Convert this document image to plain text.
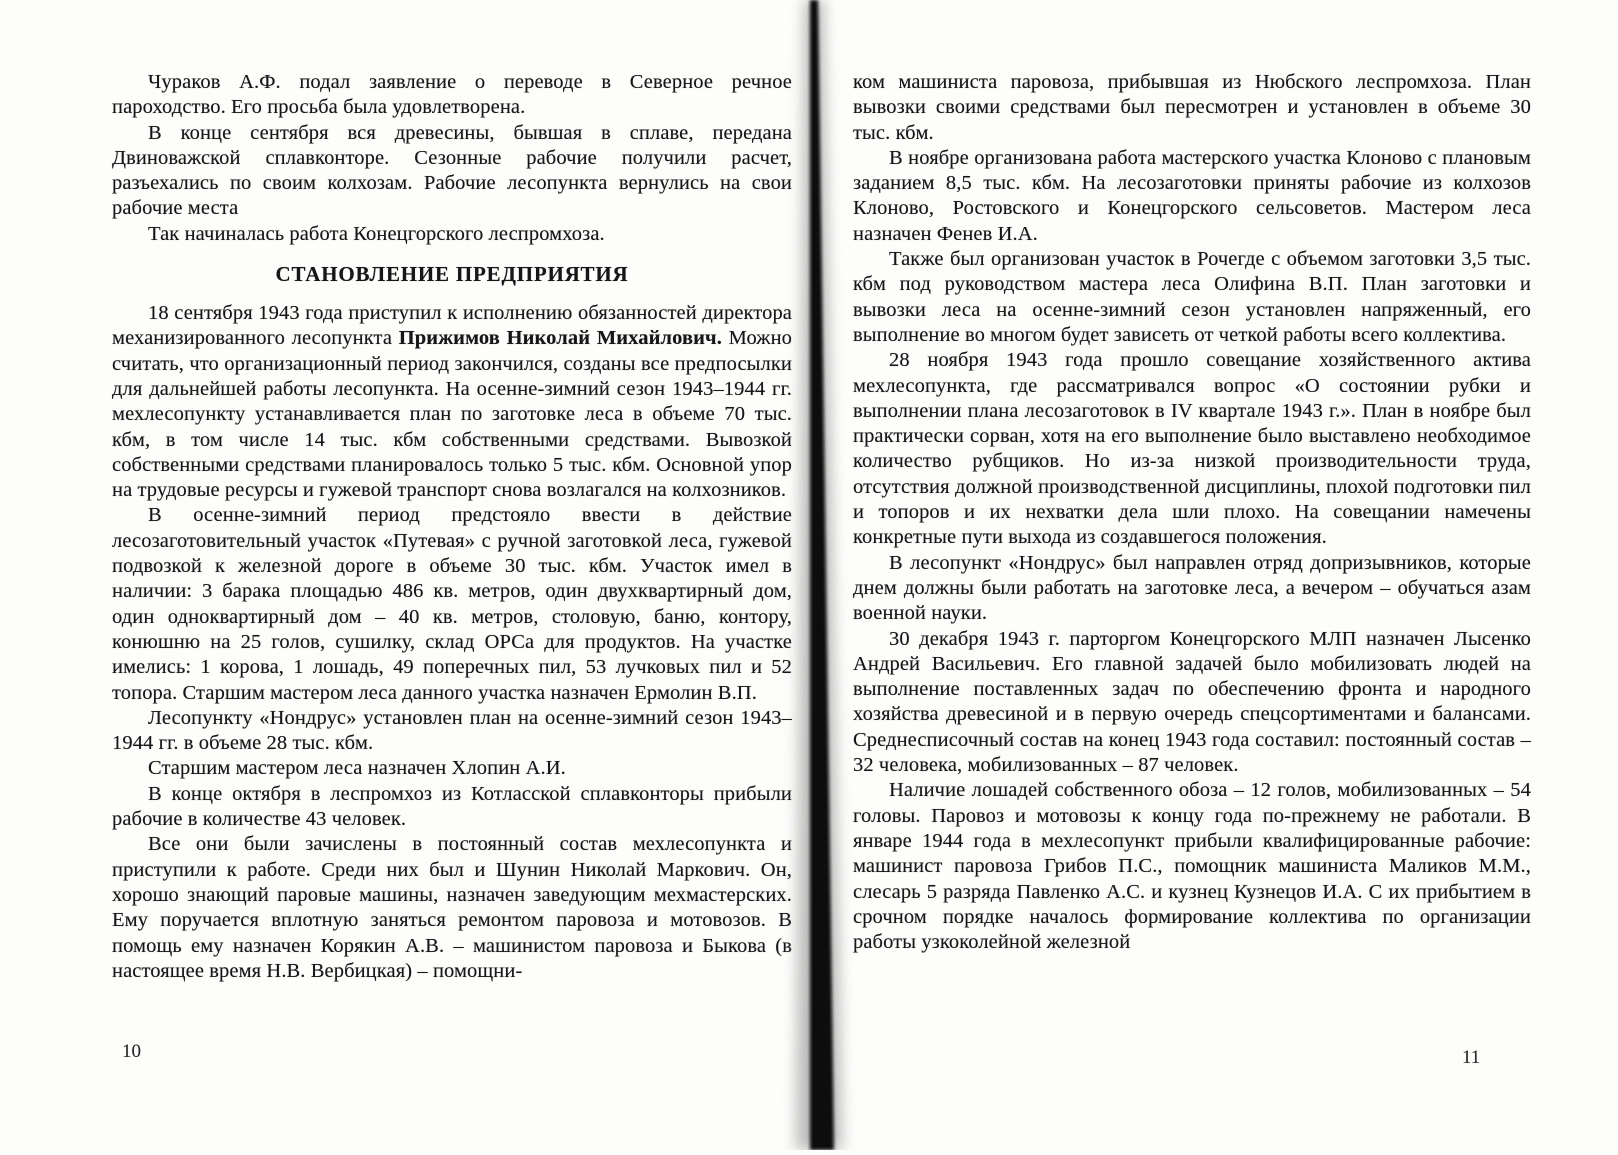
Чураков А.Ф. подал заявление о переводе в Северное речное пароходство. Его просьба была удовлетворена.

В конце сентября вся древесины, бывшая в сплаве, передана Двиноважской сплавконторе. Сезонные рабочие получили расчет, разъехались по своим колхозам. Рабочие лесопункта вернулись на свои рабочие места

Так начиналась работа Конецгорского леспромхоза.

СТАНОВЛЕНИЕ ПРЕДПРИЯТИЯ

18 сентября 1943 года приступил к исполнению обязанностей директора механизированного лесопункта Прижимов Николай Михайлович. Можно считать, что организационный период закончился, созданы все предпосылки для дальнейшей работы лесопункта. На осенне-зимний сезон 1943–1944 гг. мехлесопункту устанавливается план по заготовке леса в объеме 70 тыс. кбм, в том числе 14 тыс. кбм собственными средствами. Вывозкой собственными средствами планировалось только 5 тыс. кбм. Основной упор на трудовые ресурсы и гужевой транспорт снова возлагался на колхозников.

В осенне-зимний период предстояло ввести в действие лесозаготовительный участок «Путевая» с ручной заготовкой леса, гужевой подвозкой к железной дороге в объеме 30 тыс. кбм. Участок имел в наличии: 3 барака площадью 486 кв. метров, один двухквартирный дом, один одноквартирный дом – 40 кв. метров, столовую, баню, контору, конюшню на 25 голов, сушилку, склад ОРСа для продуктов. На участке имелись: 1 корова, 1 лошадь, 49 поперечных пил, 53 лучковых пил и 52 топора. Старшим мастером леса данного участка назначен Ермолин В.П.

Лесопункту «Нондрус» установлен план на осенне-зимний сезон 1943–1944 гг. в объеме 28 тыс. кбм.

Старшим мастером леса назначен Хлопин А.И.

В конце октября в леспромхоз из Котласской сплавконторы прибыли рабочие в количестве 43 человек.

Все они были зачислены в постоянный состав мехлесопункта и приступили к работе. Среди них был и Шунин Николай Маркович. Он, хорошо знающий паровые машины, назначен заведующим мехмастерских. Ему поручается вплотную заняться ремонтом паровоза и мотовозов. В помощь ему назначен Корякин А.В. – машинистом паровоза и Быкова (в настоящее время Н.В. Вербицкая) – помощни-

ком машиниста паровоза, прибывшая из Нюбского леспромхоза. План вывозки своими средствами был пересмотрен и установлен в объеме 30 тыс. кбм.

В ноябре организована работа мастерского участка Клоново с плановым заданием 8,5 тыс. кбм. На лесозаготовки приняты рабочие из колхозов Клоново, Ростовского и Конецгорского сельсоветов. Мастером леса назначен Фенев И.А.

Также был организован участок в Рочегде с объемом заготовки 3,5 тыс. кбм под руководством мастера леса Олифина В.П. План заготовки и вывозки леса на осенне-зимний сезон установлен напряженный, его выполнение во многом будет зависеть от четкой работы всего коллектива.

28 ноября 1943 года прошло совещание хозяйственного актива мехлесопункта, где рассматривался вопрос «О состоянии рубки и выполнении плана лесозаготовок в IV квартале 1943 г.». План в ноябре был практически сорван, хотя на его выполнение было выставлено необходимое количество рубщиков. Но из-за низкой производительности труда, отсутствия должной производственной дисциплины, плохой подготовки пил и топоров и их нехватки дела шли плохо. На совещании намечены конкретные пути выхода из создавшегося положения.

В лесопункт «Нондрус» был направлен отряд допризывников, которые днем должны были работать на заготовке леса, а вечером – обучаться азам военной науки.

30 декабря 1943 г. парторгом Конецгорского МЛП назначен Лысенко Андрей Васильевич. Его главной задачей было мобилизовать людей на выполнение поставленных задач по обеспечению фронта и народного хозяйства древесиной и в первую очередь спецсортиментами и балансами. Среднесписочный состав на конец 1943 года составил: постоянный состав – 32 человека, мобилизованных – 87 человек.

Наличие лошадей собственного обоза – 12 голов, мобилизованных – 54 головы. Паровоз и мотовозы к концу года по-прежнему не работали. В январе 1944 года в мехлесопункт прибыли квалифицированные рабочие: машинист паровоза Грибов П.С., помощник машиниста Маликов М.М., слесарь 5 разряда Павленко А.С. и кузнец Кузнецов И.А. С их прибытием в срочном порядке началось формирование коллектива по организации работы узкоколейной железной

10	11
